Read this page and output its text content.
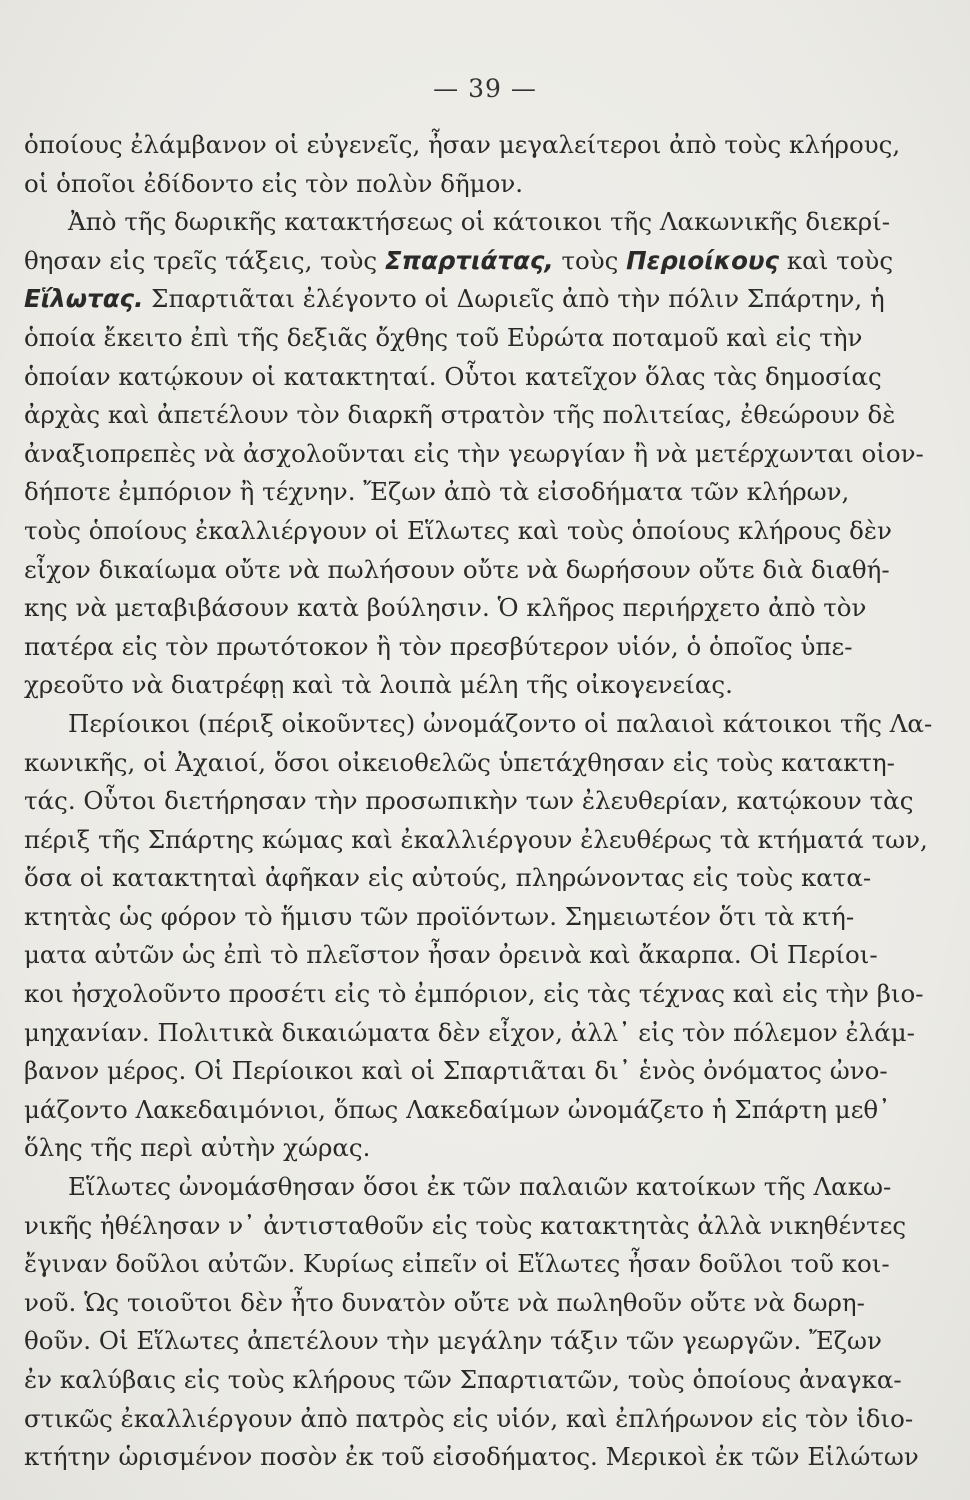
— 39 —
ὁποίους ἐλάμβανον οἱ εὐγενεῖς, ἦσαν μεγαλείτεροι ἀπὸ τοὺς κλήρους,
οἱ ὁποῖοι ἐδίδοντο εἰς τὸν πολὺν δῆμον.
Ἀπὸ τῆς δωρικῆς κατακτήσεως οἱ κάτοικοι τῆς Λακωνικῆς διεκρί-
θησαν εἰς τρεῖς τάξεις, τοὺς Σπαρτιάτας, τοὺς Περιοίκους καὶ τοὺς
Εἵλωτας. Σπαρτιᾶται ἐλέγοντο οἱ Δωριεῖς ἀπὸ τὴν πόλιν Σπάρτην, ἡ
ὁποία ἔκειτο ἐπὶ τῆς δεξιᾶς ὄχθης τοῦ Εὐρώτα ποταμοῦ καὶ εἰς τὴν
ὁποίαν κατῴκουν οἱ κατακτηταί. Οὗτοι κατεῖχον ὅλας τὰς δημοσίας
ἀρχὰς καὶ ἀπετέλουν τὸν διαρκῆ στρατὸν τῆς πολιτείας, ἐθεώρουν δὲ
ἀναξιοπρεπὲς νὰ ἀσχολοῦνται εἰς τὴν γεωργίαν ἢ νὰ μετέρχωνται οἱον-
δήποτε ἐμπόριον ἢ τέχνην. Ἔζων ἀπὸ τὰ εἰσοδήματα τῶν κλήρων,
τοὺς ὁποίους ἐκαλλιέργουν οἱ Εἵλωτες καὶ τοὺς ὁποίους κλήρους δὲν
εἶχον δικαίωμα οὔτε νὰ πωλήσουν οὔτε νὰ δωρήσουν οὔτε διὰ διαθή-
κης νὰ μεταβιβάσουν κατὰ βούλησιν. Ὁ κλῆρος περιήρχετο ἀπὸ τὸν
πατέρα εἰς τὸν πρωτότοκον ἢ τὸν πρεσβύτερον υἱόν, ὁ ὁποῖος ὑπε-
χρεοῦτο νὰ διατρέφῃ καὶ τὰ λοιπὰ μέλη τῆς οἰκογενείας.
Περίοικοι (πέριξ οἰκοῦντες) ὠνομάζοντο οἱ παλαιοὶ κάτοικοι τῆς Λα-
κωνικῆς, οἱ Ἀχαιοί, ὅσοι οἰκειοθελῶς ὑπετάχθησαν εἰς τοὺς κατακτη-
τάς. Οὗτοι διετήρησαν τὴν προσωπικὴν των ἐλευθερίαν, κατῴκουν τὰς
πέριξ τῆς Σπάρτης κώμας καὶ ἐκαλλιέργουν ἐλευθέρως τὰ κτήματά των,
ὅσα οἱ κατακτηταὶ ἀφῆκαν εἰς αὐτούς, πληρώνοντας εἰς τοὺς κατα-
κτητὰς ὡς φόρον τὸ ἥμισυ τῶν προϊόντων. Σημειωτέον ὅτι τὰ κτή-
ματα αὐτῶν ὡς ἐπὶ τὸ πλεῖστον ἦσαν ὀρεινὰ καὶ ἄκαρπα. Οἱ Περίοι-
κοι ἠσχολοῦντο προσέτι εἰς τὸ ἐμπόριον, εἰς τὰς τέχνας καὶ εἰς τὴν βιο-
μηχανίαν. Πολιτικὰ δικαιώματα δὲν εἶχον, ἀλλ᾽ εἰς τὸν πόλεμον ἐλάμ-
βανον μέρος. Οἱ Περίοικοι καὶ οἱ Σπαρτιᾶται δι᾽ ἑνὸς ὀνόματος ὠνο-
μάζοντο Λακεδαιμόνιοι, ὅπως Λακεδαίμων ὠνομάζετο ἡ Σπάρτη μεθ᾽
ὅλης τῆς περὶ αὐτὴν χώρας.
Εἵλωτες ὠνομάσθησαν ὅσοι ἐκ τῶν παλαιῶν κατοίκων τῆς Λακω-
νικῆς ἠθέλησαν ν᾽ ἀντισταθοῦν εἰς τοὺς κατακτητὰς ἀλλὰ νικηθέντες
ἔγιναν δοῦλοι αὐτῶν. Κυρίως εἰπεῖν οἱ Εἵλωτες ἦσαν δοῦλοι τοῦ κοι-
νοῦ. Ὡς τοιοῦτοι δὲν ἦτο δυνατὸν οὔτε νὰ πωληθοῦν οὔτε νὰ δωρη-
θοῦν. Οἱ Εἵλωτες ἀπετέλουν τὴν μεγάλην τάξιν τῶν γεωργῶν. Ἔζων
ἐν καλύβαις εἰς τοὺς κλήρους τῶν Σπαρτιατῶν, τοὺς ὁποίους ἀναγκα-
στικῶς ἐκαλλιέργουν ἀπὸ πατρὸς εἰς υἱόν, καὶ ἐπλήρωνον εἰς τὸν ἰδιο-
κτήτην ὡρισμένον ποσὸν ἐκ τοῦ εἰσοδήματος. Μερικοὶ ἐκ τῶν Εἱλώτων
